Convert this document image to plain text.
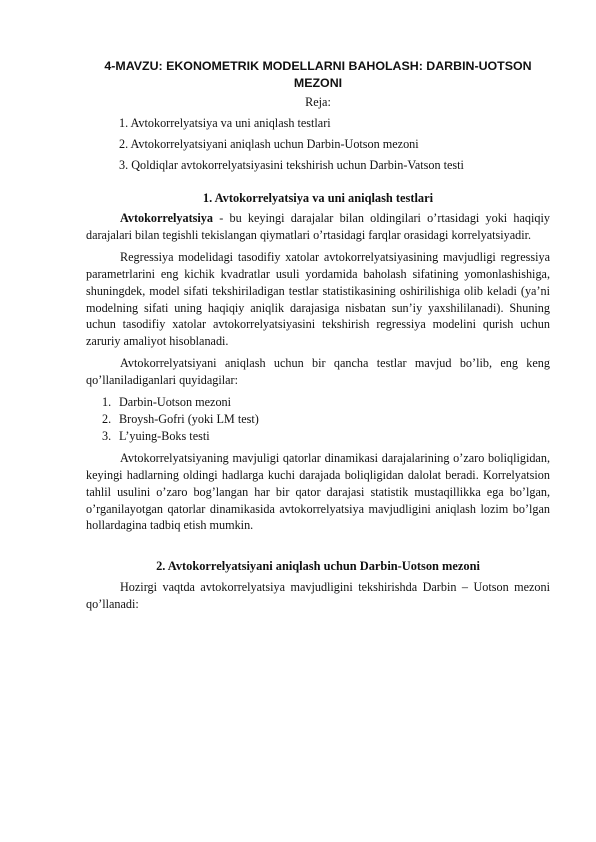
4-MAVZU: EKONOMETRIK MODELLARNI BAHOLASH: DARBIN-UOTSON MEZONI
Reja:
1. Avtokorrelyatsiya va uni aniqlash testlari
2. Avtokorrelyatsiyani aniqlash uchun Darbin-Uotson mezoni
3. Qoldiqlar avtokorrelyatsiyasini tekshirish uchun Darbin-Vatson testi
1. Avtokorrelyatsiya va uni aniqlash testlari

Avtokorrelyatsiya - bu keyingi darajalar bilan oldingilari o’rtasidagi yoki haqiqiy darajalari bilan tegishli tekislangan qiymatlari o’rtasidagi farqlar orasidagi korrelyatsiyadir.

Regressiya modelidagi tasodifiy xatolar avtokorrelyatsiyasining mavjudligi regressiya parametrlarini eng kichik kvadratlar usuli yordamida baholash sifatining yomonlashishiga, shuningdek, model sifati tekshiriladigan testlar statistikasining oshirilishiga olib keladi (ya’ni modelning sifati uning haqiqiy aniqlik darajasiga nisbatan sun’iy yaxshililanadi). Shuning uchun tasodifiy xatolar avtokorrelyatsiyasini tekshirish regressiya modelini qurish uchun zaruriy amaliyot hisoblanadi.

Avtokorrelyatsiyani aniqlash uchun bir qancha testlar mavjud bo’lib, eng keng qo’llaniladiganlari quyidagilar:

1. Darbin-Uotson mezoni
2. Broysh-Gofri (yoki LM test)
3. L’yuing-Boks testi

Avtokorrelyatsiyaning mavjuligi qatorlar dinamikasi darajalarining o’zaro boliqligidan, keyingi hadlarning oldingi hadlarga kuchi darajada boliqligidan dalolat beradi. Korrelyatsion tahlil usulini o’zaro bog’langan har bir qator darajasi statistik mustaqillikka ega bo’lgan, o’rganilayotgan qatorlar dinamikasida avtokorrelyatsiya mavjudligini aniqlash lozim bo’lgan hollardagina tadbiq etish mumkin.

2. Avtokorrelyatsiyani aniqlash uchun Darbin-Uotson mezoni

Hozirgi vaqtda avtokorrelyatsiya mavjudligini tekshirishda Darbin – Uotson mezoni qo’llanadi:
